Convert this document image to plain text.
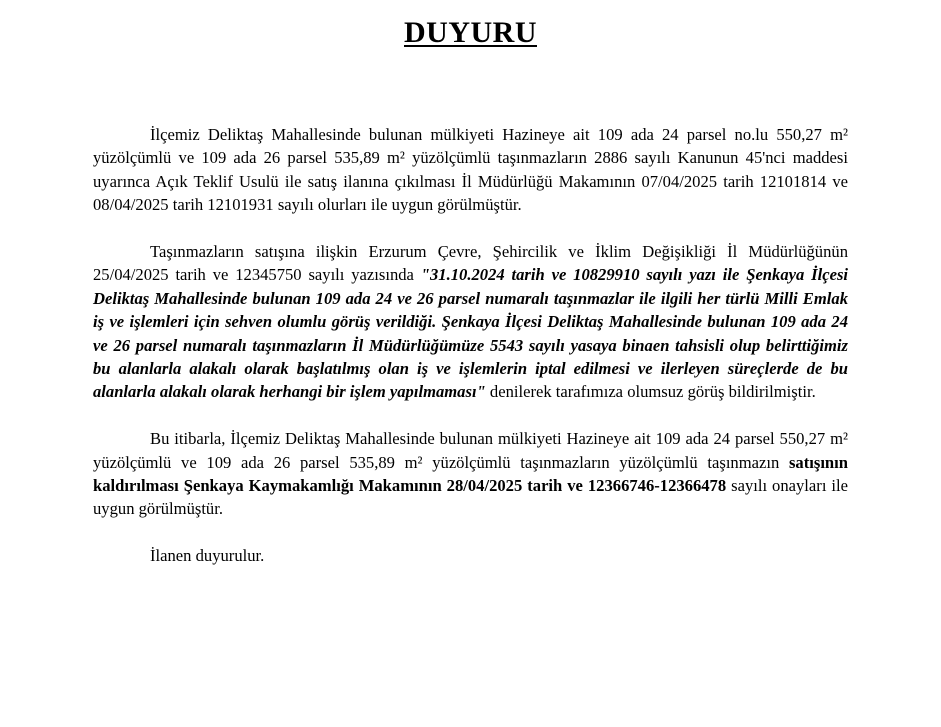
DUYURU

İlçemiz Deliktaş Mahallesinde bulunan mülkiyeti Hazineye ait 109 ada 24 parsel no.lu 550,27 m² yüzölçümlü ve 109 ada 26 parsel 535,89 m² yüzölçümlü taşınmazların 2886 sayılı Kanunun 45'nci maddesi uyarınca Açık Teklif Usulü ile satış ilanına çıkılması İl Müdürlüğü Makamının 07/04/2025 tarih 12101814 ve 08/04/2025 tarih 12101931 sayılı olurları ile uygun görülmüştür.

Taşınmazların satışına ilişkin Erzurum Çevre, Şehircilik ve İklim Değişikliği İl Müdürlüğünün 25/04/2025 tarih ve 12345750 sayılı yazısında "31.10.2024 tarih ve 10829910 sayılı yazı ile Şenkaya İlçesi Deliktaş Mahallesinde bulunan 109 ada 24 ve 26 parsel numaralı taşınmazlar ile ilgili her türlü Milli Emlak iş ve işlemleri için sehven olumlu görüş verildiği. Şenkaya İlçesi Deliktaş Mahallesinde bulunan 109 ada 24 ve 26 parsel numaralı taşınmazların İl Müdürlüğümüze 5543 sayılı yasaya binaen tahsisli olup belirttiğimiz bu alanlarla alakalı olarak başlatılmış olan iş ve işlemlerin iptal edilmesi ve ilerleyen süreçlerde de bu alanlarla alakalı olarak herhangi bir işlem yapılmaması" denilerek tarafımıza olumsuz görüş bildirilmiştir.

Bu itibarla, İlçemiz Deliktaş Mahallesinde bulunan mülkiyeti Hazineye ait 109 ada 24 parsel 550,27 m² yüzölçümlü ve 109 ada 26 parsel 535,89 m² yüzölçümlü taşınmazların yüzölçümlü taşınmazın satışının kaldırılması Şenkaya Kaymakamlığı Makamının 28/04/2025 tarih ve 12366746-12366478 sayılı onayları ile uygun görülmüştür.

İlanen duyurulur.
